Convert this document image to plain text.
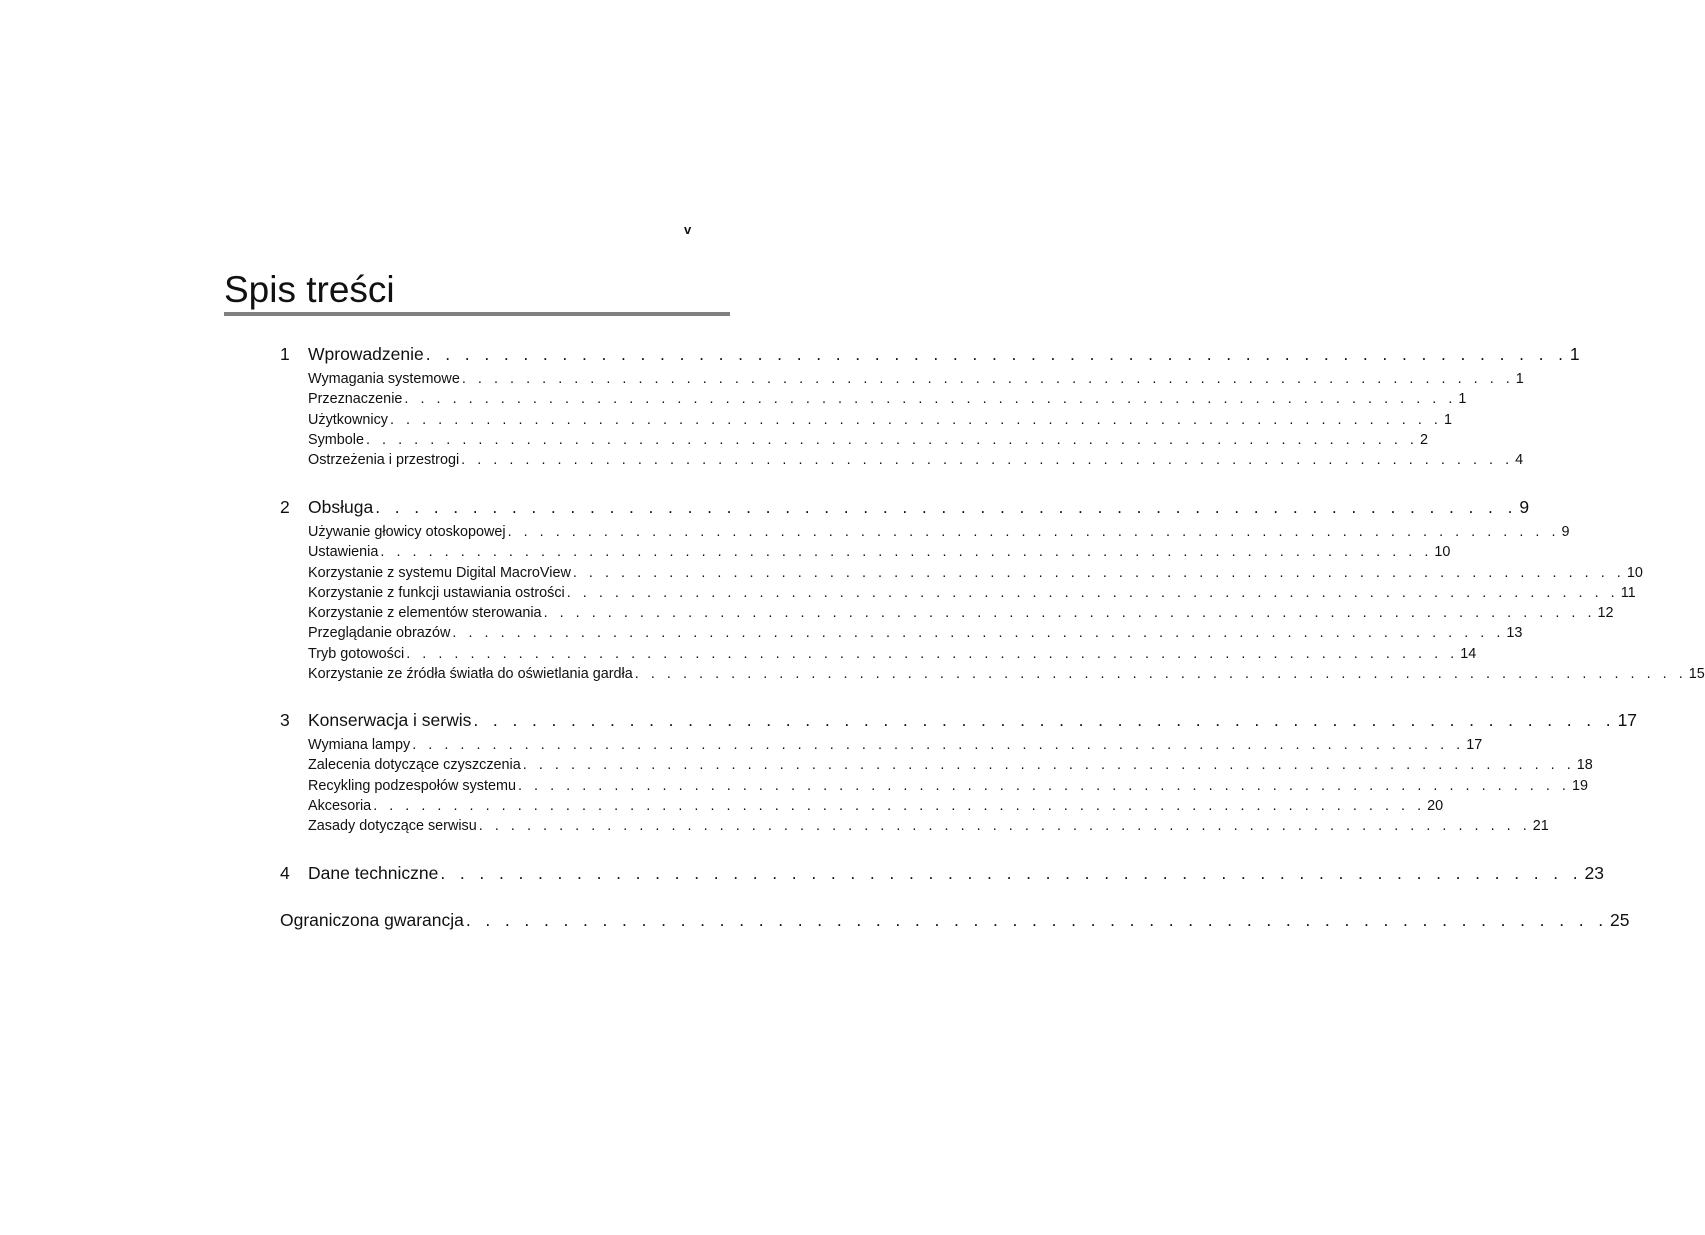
v
Spis treści
1	Wprowadzenie . . . . . . . . . . . . . . . . . . . . . . . . . . . . . . . . . . . . . . . . . . . . . . . . . . . . . . . . . . . 1
Wymagania systemowe . . . . . . . . . . . . . . . . . . . . . . . . . . . . . . . . . . . . . . . . . . . . . . . . . . . . . . . . . . . . . . . . . . 1
Przeznaczenie . . . . . . . . . . . . . . . . . . . . . . . . . . . . . . . . . . . . . . . . . . . . . . . . . . . . . . . . . . . . . . . . . . 1
Użytkownicy . . . . . . . . . . . . . . . . . . . . . . . . . . . . . . . . . . . . . . . . . . . . . . . . . . . . . . . . . . . . . . . . . . 1
Symbole . . . . . . . . . . . . . . . . . . . . . . . . . . . . . . . . . . . . . . . . . . . . . . . . . . . . . . . . . . . . . . . . . . 2
Ostrzeżenia i przestrogi . . . . . . . . . . . . . . . . . . . . . . . . . . . . . . . . . . . . . . . . . . . . . . . . . . . . . . . . . . . . . . . . . . 4
2	Obsługa . . . . . . . . . . . . . . . . . . . . . . . . . . . . . . . . . . . . . . . . . . . . . . . . . . . . . . . . . . . 9
Używanie głowicy otoskopowej . . . . . . . . . . . . . . . . . . . . . . . . . . . . . . . . . . . . . . . . . . . . . . . . . . . . . . . . . . . . . . . . . . 9
Ustawienia . . . . . . . . . . . . . . . . . . . . . . . . . . . . . . . . . . . . . . . . . . . . . . . . . . . . . . . . . . . . . . . . . . 10
Korzystanie z systemu Digital MacroView . . . . . . . . . . . . . . . . . . . . . . . . . . . . . . . . . . . . . . . . . . . . . . . . . . . . . . . . . . . . . . . . . . 10
Korzystanie z funkcji ustawiania ostrości . . . . . . . . . . . . . . . . . . . . . . . . . . . . . . . . . . . . . . . . . . . . . . . . . . . . . . . . . . . . . . . . . . 11
Korzystanie z elementów sterowania . . . . . . . . . . . . . . . . . . . . . . . . . . . . . . . . . . . . . . . . . . . . . . . . . . . . . . . . . . . . . . . . . . 12
Przeglądanie obrazów . . . . . . . . . . . . . . . . . . . . . . . . . . . . . . . . . . . . . . . . . . . . . . . . . . . . . . . . . . . . . . . . . . 13
Tryb gotowości . . . . . . . . . . . . . . . . . . . . . . . . . . . . . . . . . . . . . . . . . . . . . . . . . . . . . . . . . . . . . . . . . . 14
Korzystanie ze źródła światła do oświetlania gardła . . . . . . . . . . . . . . . . . . . . . . . . . . . . . . . . . . . . . . . . . . . . . . . . . . . . . . . . . . . . . . . . . . 15
3	Konserwacja i serwis . . . . . . . . . . . . . . . . . . . . . . . . . . . . . . . . . . . . . . . . . . . . . . . . . . . . . . . . . . . 17
Wymiana lampy . . . . . . . . . . . . . . . . . . . . . . . . . . . . . . . . . . . . . . . . . . . . . . . . . . . . . . . . . . . . . . . . . . 17
Zalecenia dotyczące czyszczenia . . . . . . . . . . . . . . . . . . . . . . . . . . . . . . . . . . . . . . . . . . . . . . . . . . . . . . . . . . . . . . . . . . 18
Recykling podzespołów systemu . . . . . . . . . . . . . . . . . . . . . . . . . . . . . . . . . . . . . . . . . . . . . . . . . . . . . . . . . . . . . . . . . . 19
Akcesoria . . . . . . . . . . . . . . . . . . . . . . . . . . . . . . . . . . . . . . . . . . . . . . . . . . . . . . . . . . . . . . . . . . 20
Zasady dotyczące serwisu . . . . . . . . . . . . . . . . . . . . . . . . . . . . . . . . . . . . . . . . . . . . . . . . . . . . . . . . . . . . . . . . . . 21
4	Dane techniczne . . . . . . . . . . . . . . . . . . . . . . . . . . . . . . . . . . . . . . . . . . . . . . . . . . . . . . . . . . . 23
Ograniczona gwarancja . . . . . . . . . . . . . . . . . . . . . . . . . . . . . . . . . . . . . . . . . . . . . . . . . . . . . . . . . . . 25
